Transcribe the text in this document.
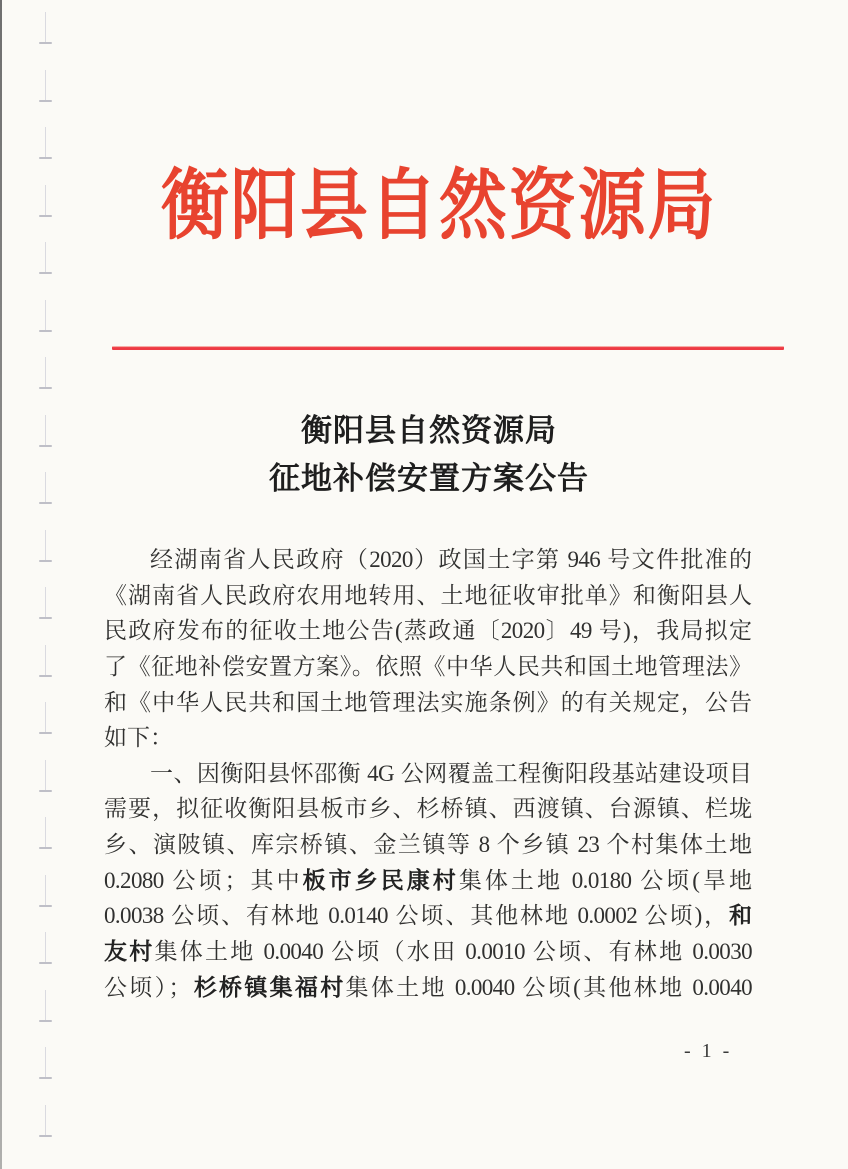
衡阳县自然资源局
衡阳县自然资源局
征地补偿安置方案公告
经湖南省人民政府（2020）政国土字第 946 号文件批准的
《湖南省人民政府农用地转用、土地征收审批单》和衡阳县人
民政府发布的征收土地公告(蒸政通〔2020〕49 号)，我局拟定
了《征地补偿安置方案》。依照《中华人民共和国土地管理法》
和《中华人民共和国土地管理法实施条例》的有关规定，公告
如下：
一、因衡阳县怀邵衡 4G 公网覆盖工程衡阳段基站建设项目
需要，拟征收衡阳县板市乡、杉桥镇、西渡镇、台源镇、栏垅
乡、演陂镇、库宗桥镇、金兰镇等 8 个乡镇 23 个村集体土地
0.2080 公顷；其中板市乡民康村集体土地 0.0180 公顷(旱地
0.0038 公顷、有林地 0.0140 公顷、其他林地 0.0002 公顷)，和
友村集体土地 0.0040 公顷（水田 0.0010 公顷、有林地 0.0030
公顷）；杉桥镇集福村集体土地 0.0040 公顷(其他林地 0.0040
- 1 -
